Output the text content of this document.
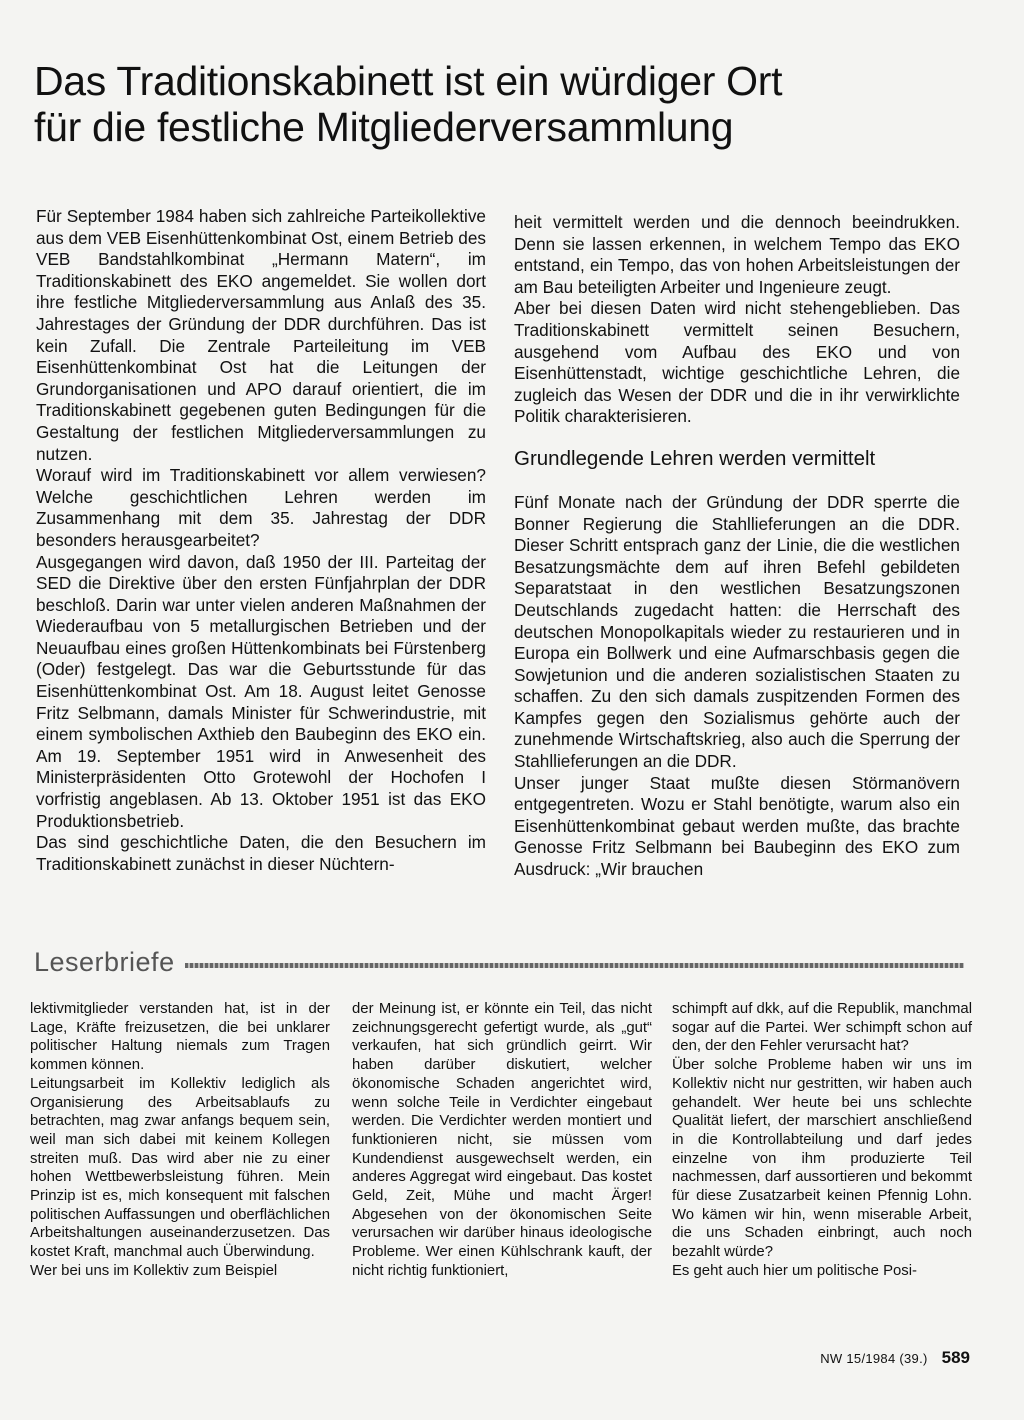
Das Traditionskabinett ist ein würdiger Ort
für die festliche Mitgliederversammlung

Für September 1984 haben sich zahlreiche Parteikollektive aus dem VEB Eisenhüttenkombinat Ost, einem Betrieb des VEB Bandstahlkombinat „Hermann Matern“, im Traditionskabinett des EKO angemeldet. Sie wollen dort ihre festliche Mitgliederversammlung aus Anlaß des 35. Jahrestages der Gründung der DDR durchführen. Das ist kein Zufall. Die Zentrale Parteileitung im VEB Eisenhüttenkombinat Ost hat die Leitungen der Grundorganisationen und APO darauf orientiert, die im Traditionskabinett gegebenen guten Bedingungen für die Gestaltung der festlichen Mitgliederversammlungen zu nutzen.

Worauf wird im Traditionskabinett vor allem verwiesen? Welche geschichtlichen Lehren werden im Zusammenhang mit dem 35. Jahrestag der DDR besonders herausgearbeitet?

Ausgegangen wird davon, daß 1950 der III. Parteitag der SED die Direktive über den ersten Fünfjahrplan der DDR beschloß. Darin war unter vielen anderen Maßnahmen der Wiederaufbau von 5 metallurgischen Betrieben und der Neuaufbau eines großen Hüttenkombinats bei Fürstenberg (Oder) festgelegt. Das war die Geburtsstunde für das Eisenhüttenkombinat Ost. Am 18. August leitet Genosse Fritz Selbmann, damals Minister für Schwerindustrie, mit einem symbolischen Axthieb den Baubeginn des EKO ein. Am 19. September 1951 wird in Anwesenheit des Ministerpräsidenten Otto Grotewohl der Hochofen I vorfristig angeblasen. Ab 13. Oktober 1951 ist das EKO Produktionsbetrieb.

Das sind geschichtliche Daten, die den Besuchern im Traditionskabinett zunächst in dieser Nüchtern-

heit vermittelt werden und die dennoch beeindrukken. Denn sie lassen erkennen, in welchem Tempo das EKO entstand, ein Tempo, das von hohen Arbeitsleistungen der am Bau beteiligten Arbeiter und Ingenieure zeugt.

Aber bei diesen Daten wird nicht stehengeblieben. Das Traditionskabinett vermittelt seinen Besuchern, ausgehend vom Aufbau des EKO und von Eisenhüttenstadt, wichtige geschichtliche Lehren, die zugleich das Wesen der DDR und die in ihr verwirklichte Politik charakterisieren.

Grundlegende Lehren werden vermittelt

Fünf Monate nach der Gründung der DDR sperrte die Bonner Regierung die Stahllieferungen an die DDR. Dieser Schritt entsprach ganz der Linie, die die westlichen Besatzungsmächte dem auf ihren Befehl gebildeten Separatstaat in den westlichen Besatzungszonen Deutschlands zugedacht hatten: die Herrschaft des deutschen Monopolkapitals wieder zu restaurieren und in Europa ein Bollwerk und eine Aufmarschbasis gegen die Sowjetunion und die anderen sozialistischen Staaten zu schaffen. Zu den sich damals zuspitzenden Formen des Kampfes gegen den Sozialismus gehörte auch der zunehmende Wirtschaftskrieg, also auch die Sperrung der Stahllieferungen an die DDR.

Unser junger Staat mußte diesen Störmanövern entgegentreten. Wozu er Stahl benötigte, warum also ein Eisenhüttenkombinat gebaut werden mußte, das brachte Genosse Fritz Selbmann bei Baubeginn des EKO zum Ausdruck: „Wir brauchen

Leserbriefe

lektivmitglieder verstanden hat, ist in der Lage, Kräfte freizusetzen, die bei unklarer politischer Haltung niemals zum Tragen kommen können.

Leitungsarbeit im Kollektiv lediglich als Organisierung des Arbeitsablaufs zu betrachten, mag zwar anfangs bequem sein, weil man sich dabei mit keinem Kollegen streiten muß. Das wird aber nie zu einer hohen Wettbewerbsleistung führen. Mein Prinzip ist es, mich konsequent mit falschen politischen Auffassungen und oberflächlichen Arbeitshaltungen auseinanderzusetzen. Das kostet Kraft, manchmal auch Überwindung.

Wer bei uns im Kollektiv zum Beispiel

der Meinung ist, er könnte ein Teil, das nicht zeichnungsgerecht gefertigt wurde, als „gut“ verkaufen, hat sich gründlich geirrt. Wir haben darüber diskutiert, welcher ökonomische Schaden angerichtet wird, wenn solche Teile in Verdichter eingebaut werden. Die Verdichter werden montiert und funktionieren nicht, sie müssen vom Kundendienst ausgewechselt werden, ein anderes Aggregat wird eingebaut. Das kostet Geld, Zeit, Mühe und macht Ärger! Abgesehen von der ökonomischen Seite verursachen wir darüber hinaus ideologische Probleme. Wer einen Kühlschrank kauft, der nicht richtig funktioniert,

schimpft auf dkk, auf die Republik, manchmal sogar auf die Partei. Wer schimpft schon auf den, der den Fehler verursacht hat?

Über solche Probleme haben wir uns im Kollektiv nicht nur gestritten, wir haben auch gehandelt. Wer heute bei uns schlechte Qualität liefert, der marschiert anschließend in die Kontrollabteilung und darf jedes einzelne von ihm produzierte Teil nachmessen, darf aussortieren und bekommt für diese Zusatzarbeit keinen Pfennig Lohn. Wo kämen wir hin, wenn miserable Arbeit, die uns Schaden einbringt, auch noch bezahlt würde?

Es geht auch hier um politische Posi-

NW 15/1984 (39.) 589
